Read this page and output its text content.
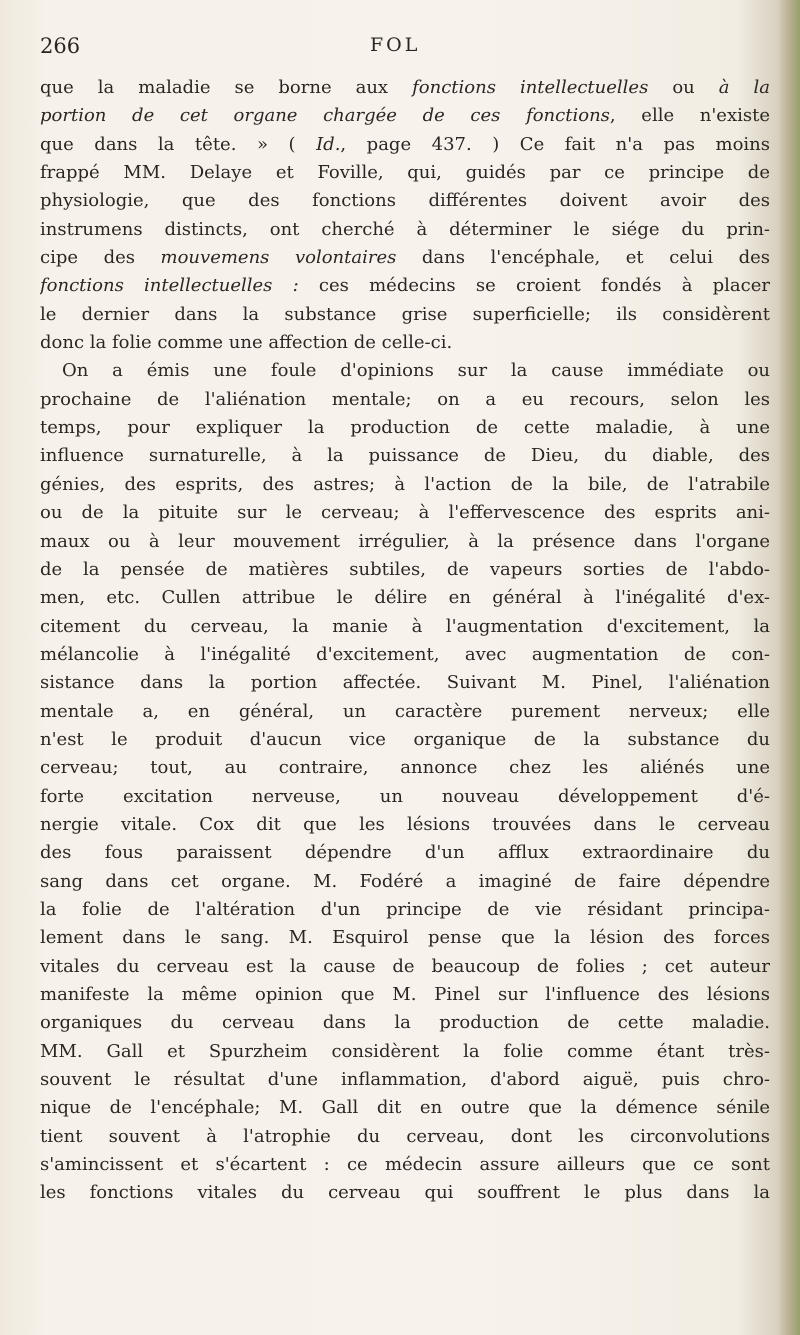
266	FOL
que la maladie se borne aux fonctions intellectuelles ou à la
portion de cet organe chargée de ces fonctions, elle n'existe
que dans la tête. » ( Id., page 437. ) Ce fait n'a pas moins
frappé MM. Delaye et Foville, qui, guidés par ce principe de
physiologie, que des fonctions différentes doivent avoir des
instrumens distincts, ont cherché à déterminer le siége du prin-
cipe des mouvemens volontaires dans l'encéphale, et celui des
fonctions intellectuelles : ces médecins se croient fondés à placer
le dernier dans la substance grise superficielle; ils considèrent
donc la folie comme une affection de celle-ci.
On a émis une foule d'opinions sur la cause immédiate ou
prochaine de l'aliénation mentale; on a eu recours, selon les
temps, pour expliquer la production de cette maladie, à une
influence surnaturelle, à la puissance de Dieu, du diable, des
génies, des esprits, des astres; à l'action de la bile, de l'atrabile
ou de la pituite sur le cerveau; à l'effervescence des esprits ani-
maux ou à leur mouvement irrégulier, à la présence dans l'organe
de la pensée de matières subtiles, de vapeurs sorties de l'abdo-
men, etc. Cullen attribue le délire en général à l'inégalité d'ex-
citement du cerveau, la manie à l'augmentation d'excitement, la
mélancolie à l'inégalité d'excitement, avec augmentation de con-
sistance dans la portion affectée. Suivant M. Pinel, l'aliénation
mentale a, en général, un caractère purement nerveux; elle
n'est le produit d'aucun vice organique de la substance du
cerveau; tout, au contraire, annonce chez les aliénés une
forte excitation nerveuse, un nouveau développement d'é-
nergie vitale. Cox dit que les lésions trouvées dans le cerveau
des fous paraissent dépendre d'un afflux extraordinaire du
sang dans cet organe. M. Fodéré a imaginé de faire dépendre
la folie de l'altération d'un principe de vie résidant principa-
lement dans le sang. M. Esquirol pense que la lésion des forces
vitales du cerveau est la cause de beaucoup de folies ; cet auteur
manifeste la même opinion que M. Pinel sur l'influence des lésions
organiques du cerveau dans la production de cette maladie.
MM. Gall et Spurzheim considèrent la folie comme étant très-
souvent le résultat d'une inflammation, d'abord aiguë, puis chro-
nique de l'encéphale; M. Gall dit en outre que la démence sénile
tient souvent à l'atrophie du cerveau, dont les circonvolutions
s'amincissent et s'écartent : ce médecin assure ailleurs que ce sont
les fonctions vitales du cerveau qui souffrent le plus dans la
